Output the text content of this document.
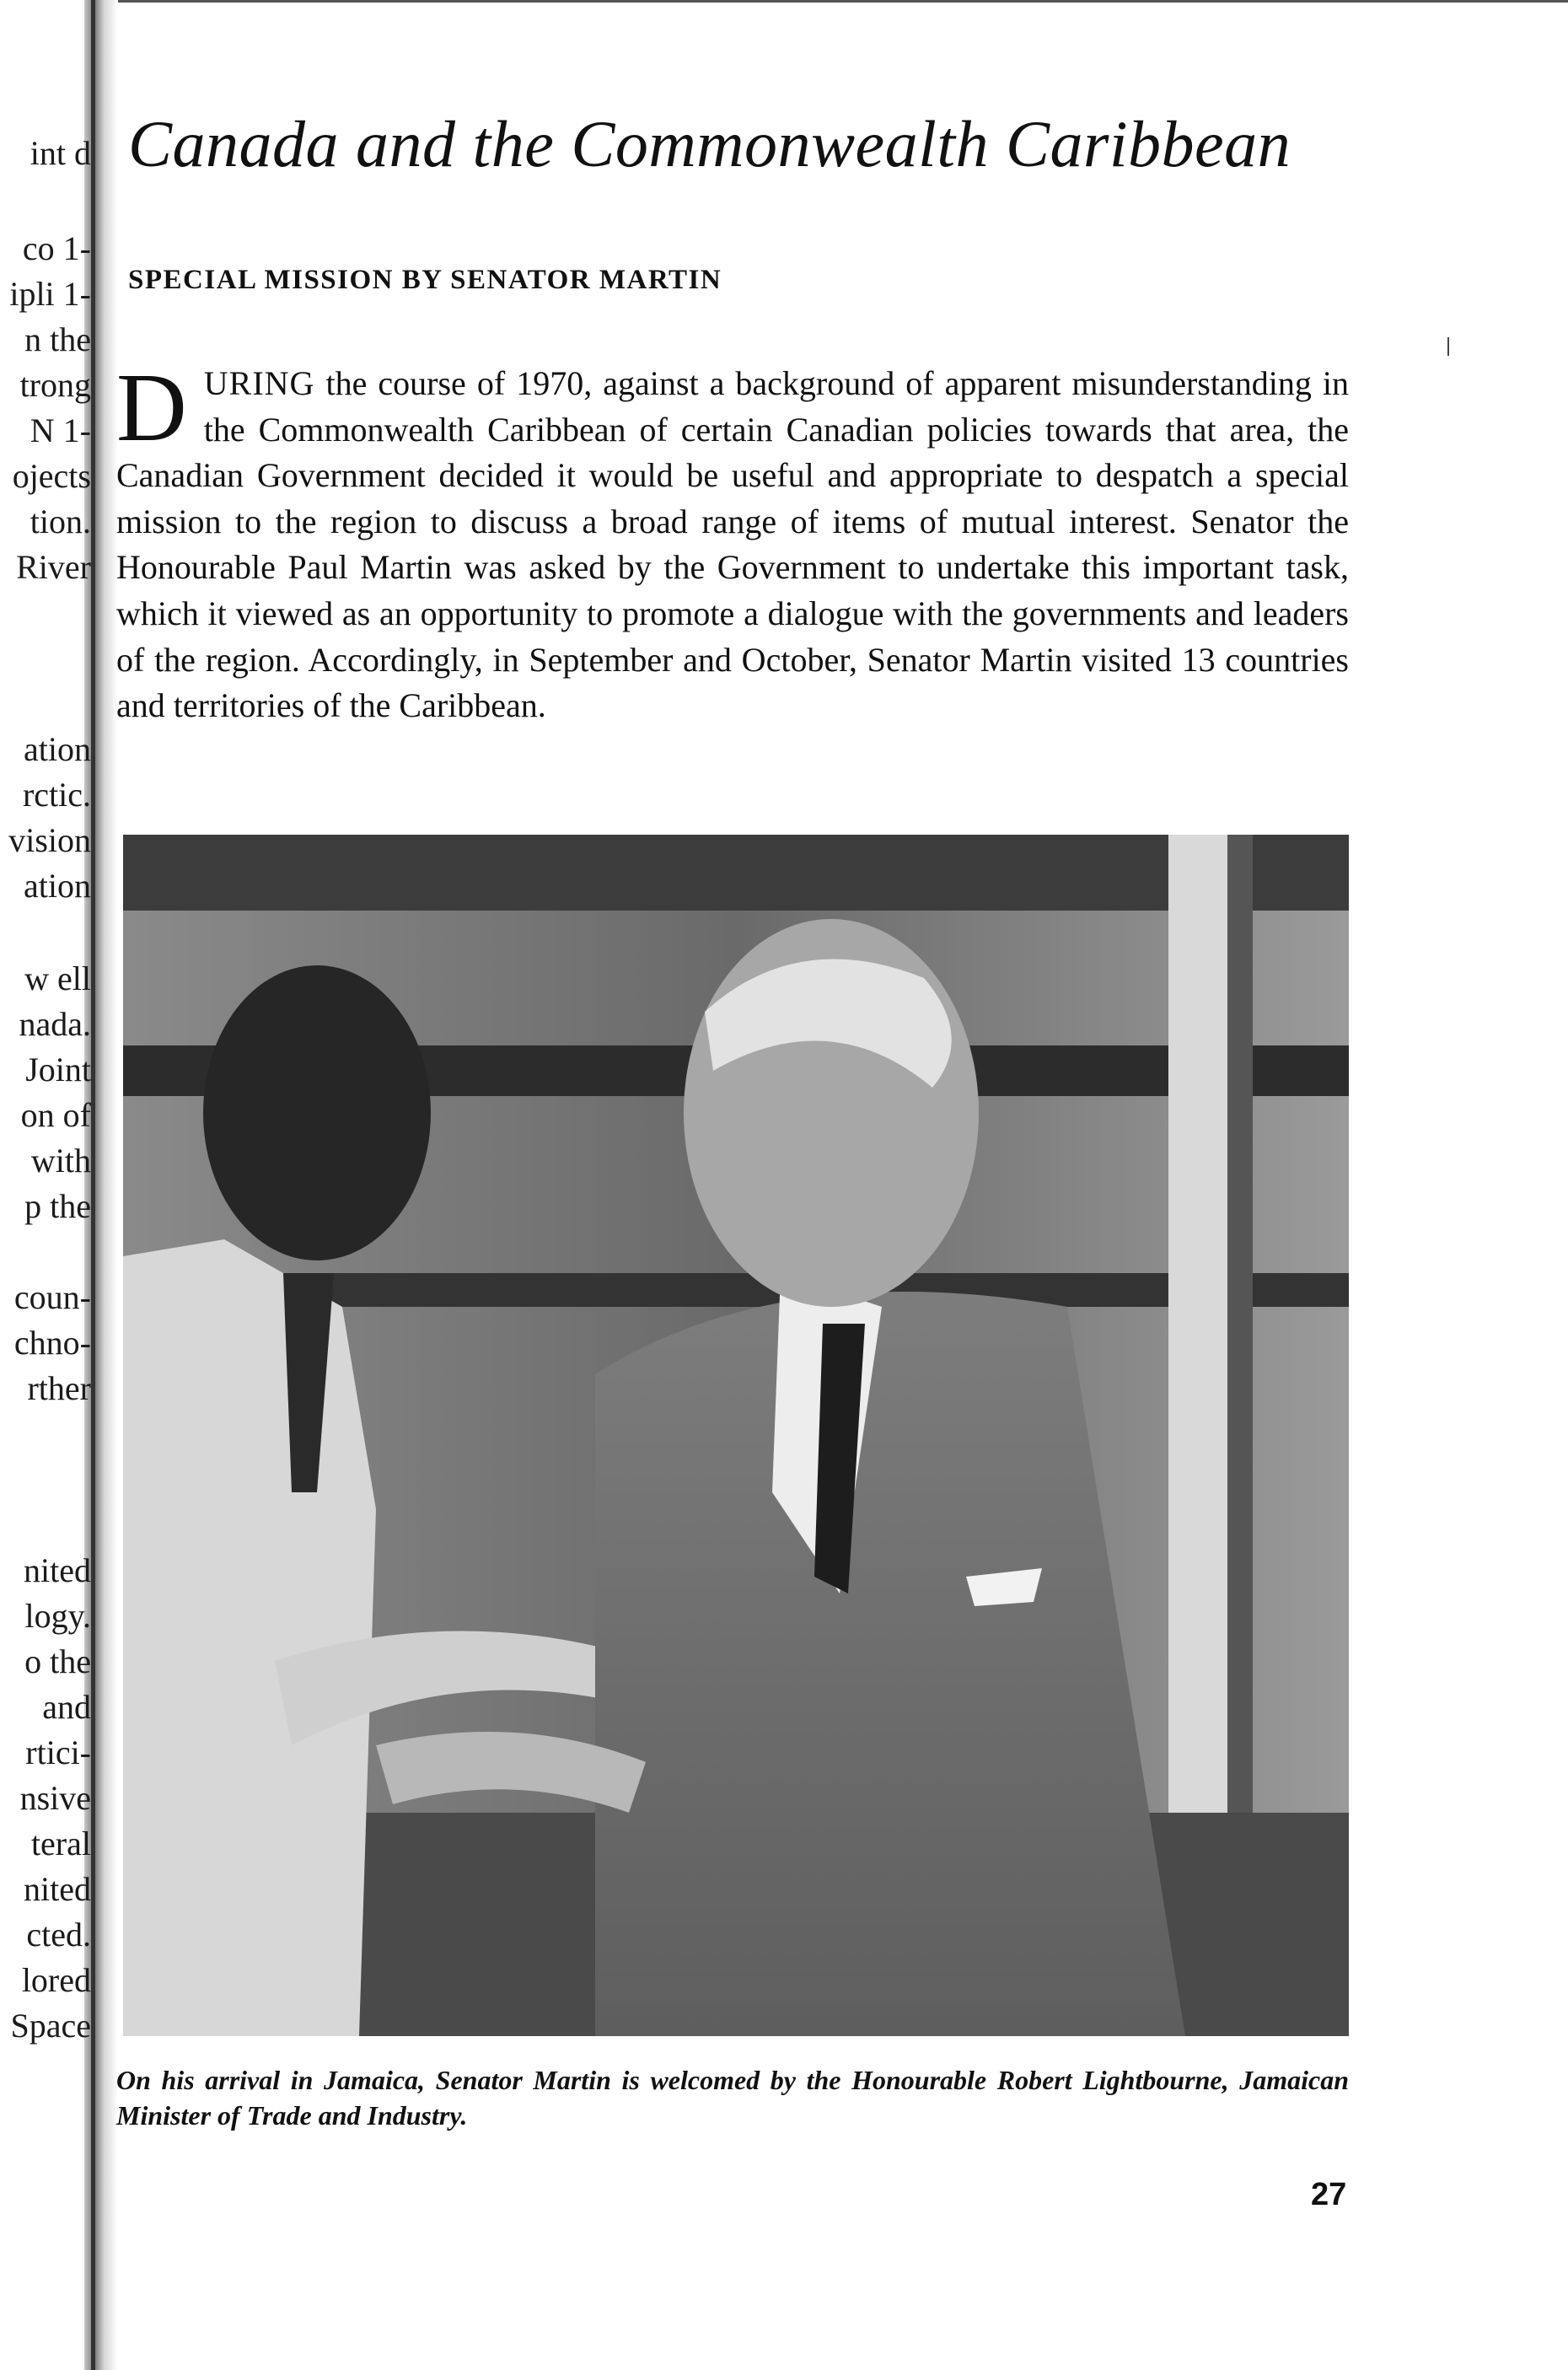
int d
co 1-
ipli 1-
n the
trong
N 1-
ojects
tion.
River
ation
rctic.
vision
ation
w ell
nada.
Joint
on of
with
p the
coun-
chno-
rther
nited
logy.
o the
and
rtici-
nsive
teral
nited
cted.
lored
Space
Canada and the Commonwealth Caribbean
SPECIAL MISSION BY SENATOR MARTIN

DURING the course of 1970, against a background of apparent misunderstanding in the Commonwealth Caribbean of certain Canadian policies towards that area, the Canadian Government decided it would be useful and appropriate to despatch a special mission to the region to discuss a broad range of items of mutual interest. Senator the Honourable Paul Martin was asked by the Government to undertake this important task, which it viewed as an opportunity to promote a dialogue with the governments and leaders of the region. Accordingly, in September and October, Senator Martin visited 13 countries and territories of the Caribbean.

On his arrival in Jamaica, Senator Martin is welcomed by the Honourable Robert Lightbourne, Jamaican Minister of Trade and Industry.

27
